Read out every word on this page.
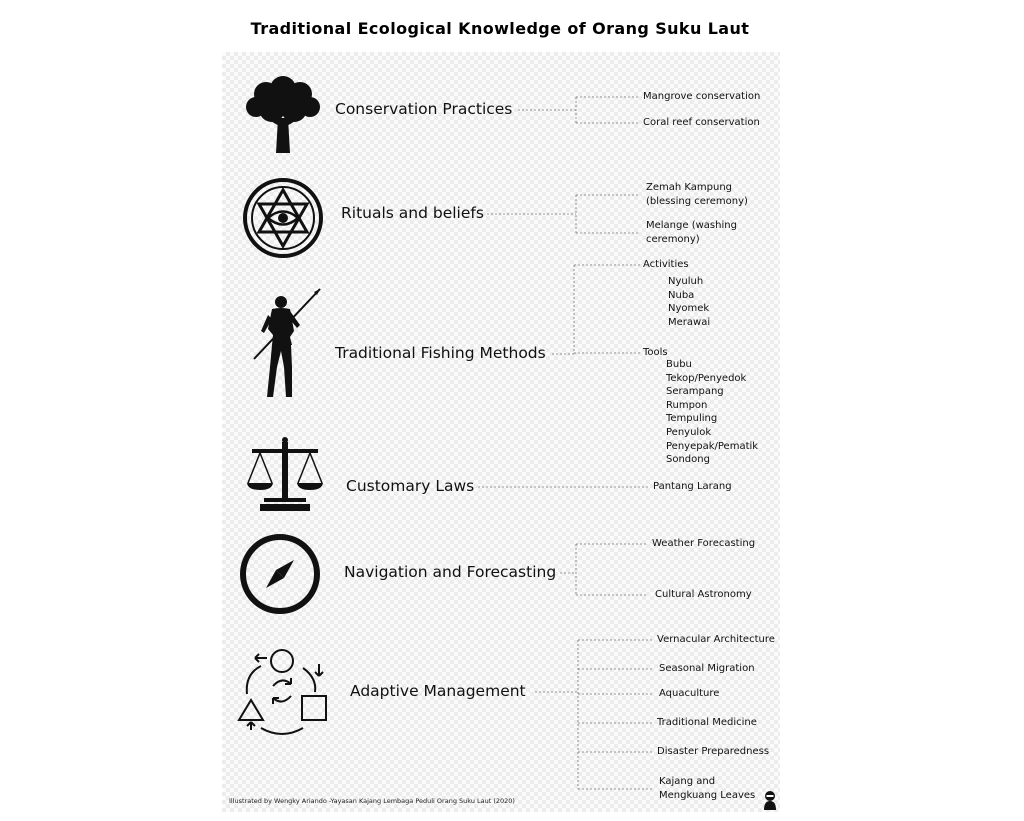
Traditional Ecological Knowledge of Orang Suku Laut
Conservation Practices
Rituals and beliefs
Traditional Fishing Methods
Customary Laws
Navigation and Forecasting
Adaptive Management
Mangrove conservation
Coral reef conservation
Zemah Kampung (blessing ceremony)
Melange (washing ceremony)
Activities
Nyuluh
Nuba
Nyomek
Merawai
Tools
Bubu
Tekop/Penyedok
Serampang
Rumpon
Tempuling
Penyulok
Penyepak/Pematik
Sondong
Pantang Larang
Weather Forecasting
Cultural Astronomy
Vernacular Architecture
Seasonal Migration
Aquaculture
Traditional Medicine
Disaster Preparedness
Kajang and Mengkuang Leaves
Illustrated by Wengky Ariando -Yayasan Kajang Lembaga Peduli Orang Suku Laut (2020)
